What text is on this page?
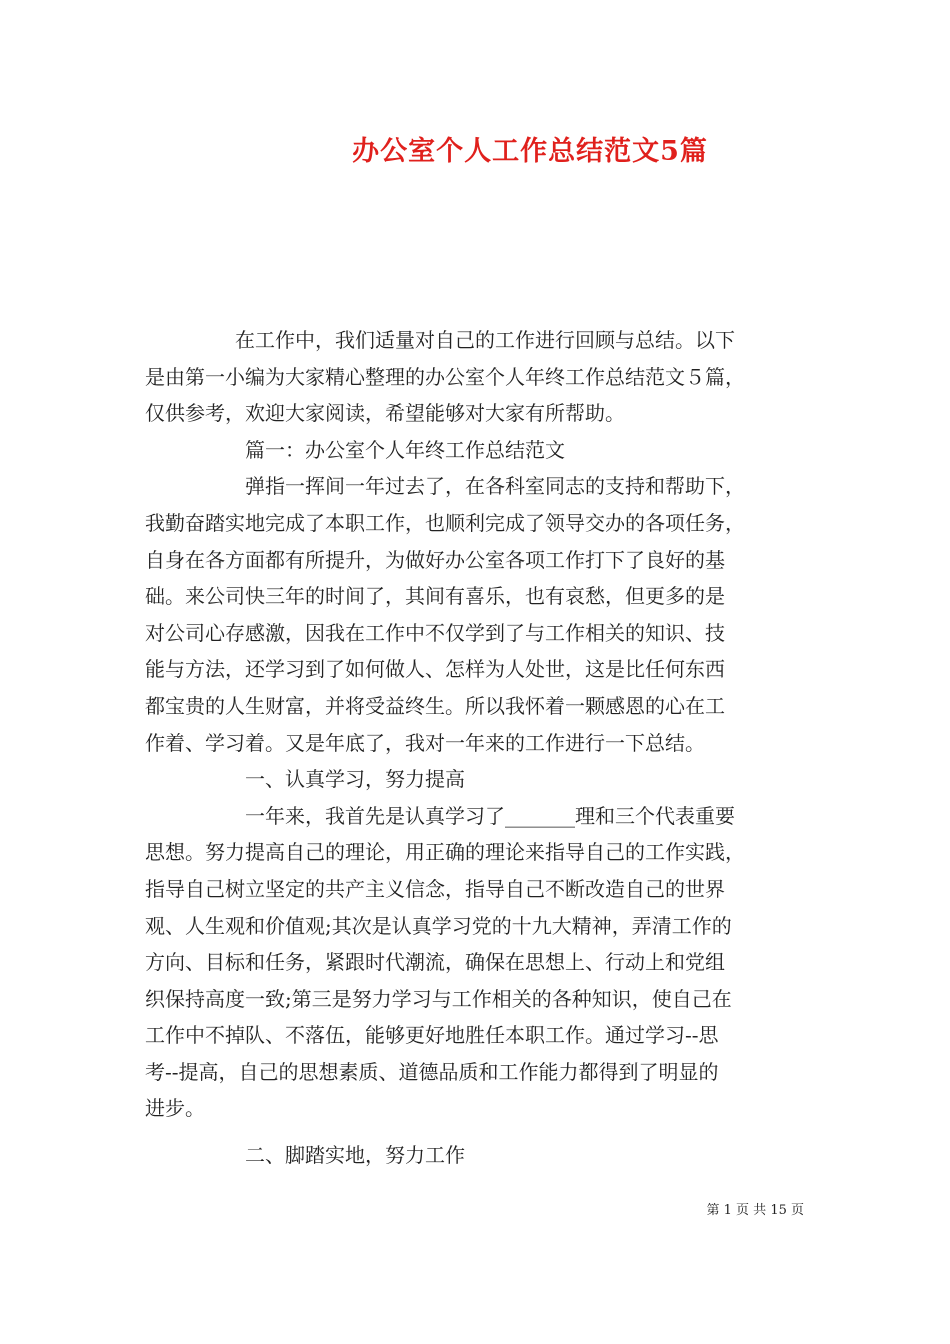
办公室个人工作总结范文5篇
在工作中，我们适量对自己的工作进行回顾与总结。以下
是由第一小编为大家精心整理的办公室个人年终工作总结范文５篇，
仅供参考，欢迎大家阅读，希望能够对大家有所帮助。
篇一：办公室个人年终工作总结范文
弹指一挥间一年过去了，在各科室同志的支持和帮助下，
我勤奋踏实地完成了本职工作，也顺利完成了领导交办的各项任务，
自身在各方面都有所提升，为做好办公室各项工作打下了良好的基
础。来公司快三年的时间了，其间有喜乐，也有哀愁，但更多的是
对公司心存感激，因我在工作中不仅学到了与工作相关的知识、技
能与方法，还学习到了如何做人、怎样为人处世，这是比任何东西
都宝贵的人生财富，并将受益终生。所以我怀着一颗感恩的心在工
作着、学习着。又是年底了，我对一年来的工作进行一下总结。
一、认真学习，努力提高
一年来，我首先是认真学习了_______理和三个代表重要
思想。努力提高自己的理论，用正确的理论来指导自己的工作实践，
指导自己树立坚定的共产主义信念，指导自己不断改造自己的世界
观、人生观和价值观;其次是认真学习党的十九大精神，弄清工作的
方向、目标和任务，紧跟时代潮流，确保在思想上、行动上和党组
织保持高度一致;第三是努力学习与工作相关的各种知识，使自己在
工作中不掉队、不落伍，能够更好地胜任本职工作。通过学习--思
考--提高，自己的思想素质、道德品质和工作能力都得到了明显的
进步。
二、脚踏实地，努力工作
第 1 页 共 15 页
